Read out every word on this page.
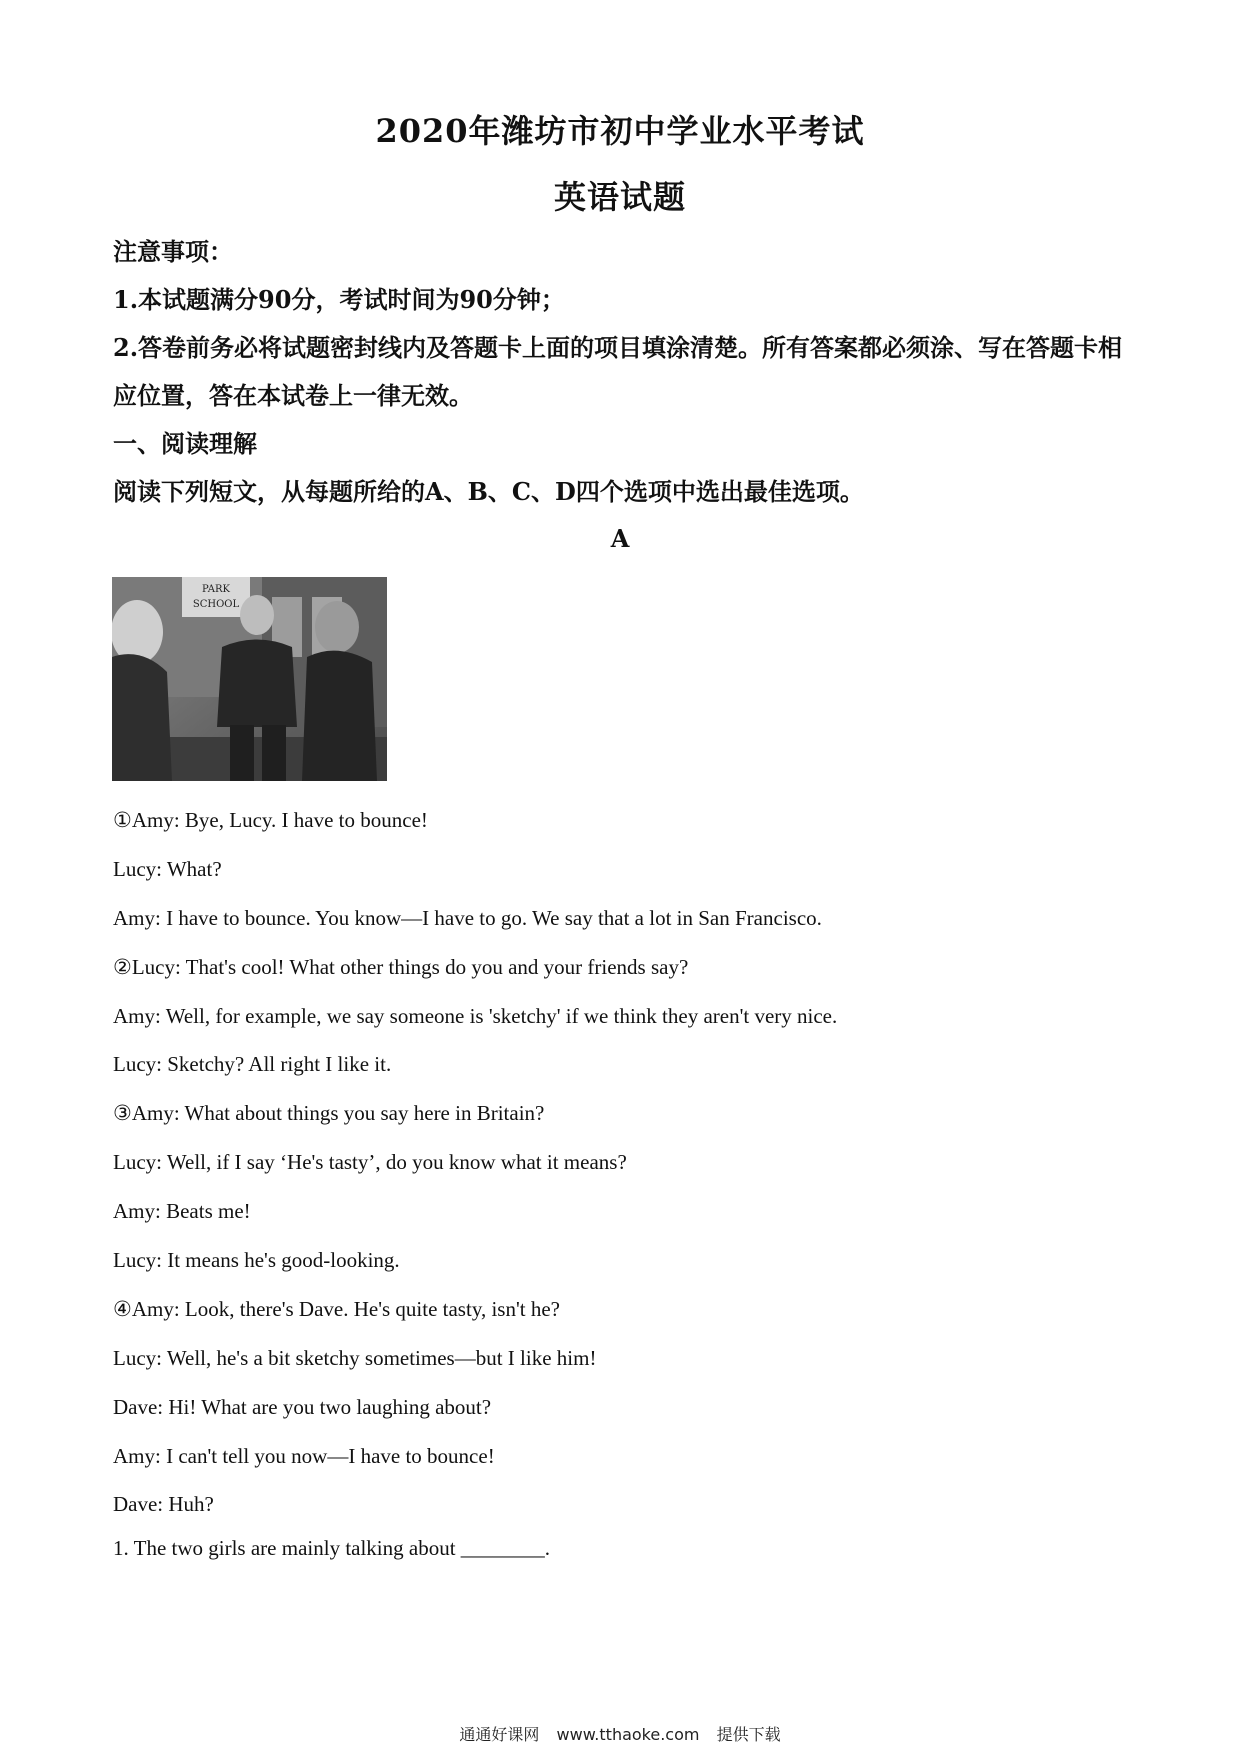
2020年潍坊市初中学业水平考试
英语试题
注意事项：
1.本试题满分90分，考试时间为90分钟；
2.答卷前务必将试题密封线内及答题卡上面的项目填涂清楚。所有答案都必须涂、写在答题卡相应位置，答在本试卷上一律无效。
一、阅读理解
阅读下列短文，从每题所给的A、B、C、D四个选项中选出最佳选项。
A
PARK
SCHOOL
①Amy: Bye, Lucy. I have to bounce!
Lucy: What?
Amy: I have to bounce. You know—I have to go. We say that a lot in San Francisco.
②Lucy: That's cool! What other things do you and your friends say?
Amy: Well, for example, we say someone is 'sketchy' if we think they aren't very nice.
Lucy: Sketchy? All right I like it.
③Amy: What about things you say here in Britain?
Lucy: Well, if I say ‘He's tasty’, do you know what it means?
Amy: Beats me!
Lucy: It means he's good-looking.
④Amy: Look, there's Dave. He's quite tasty, isn't he?
Lucy: Well, he's a bit sketchy sometimes—but I like him!
Dave: Hi! What are you two laughing about?
Amy: I can't tell you now—I have to bounce!
Dave: Huh?
1. The two girls are mainly talking about ________.
通通好课网 www.tthaoke.com 提供下载
